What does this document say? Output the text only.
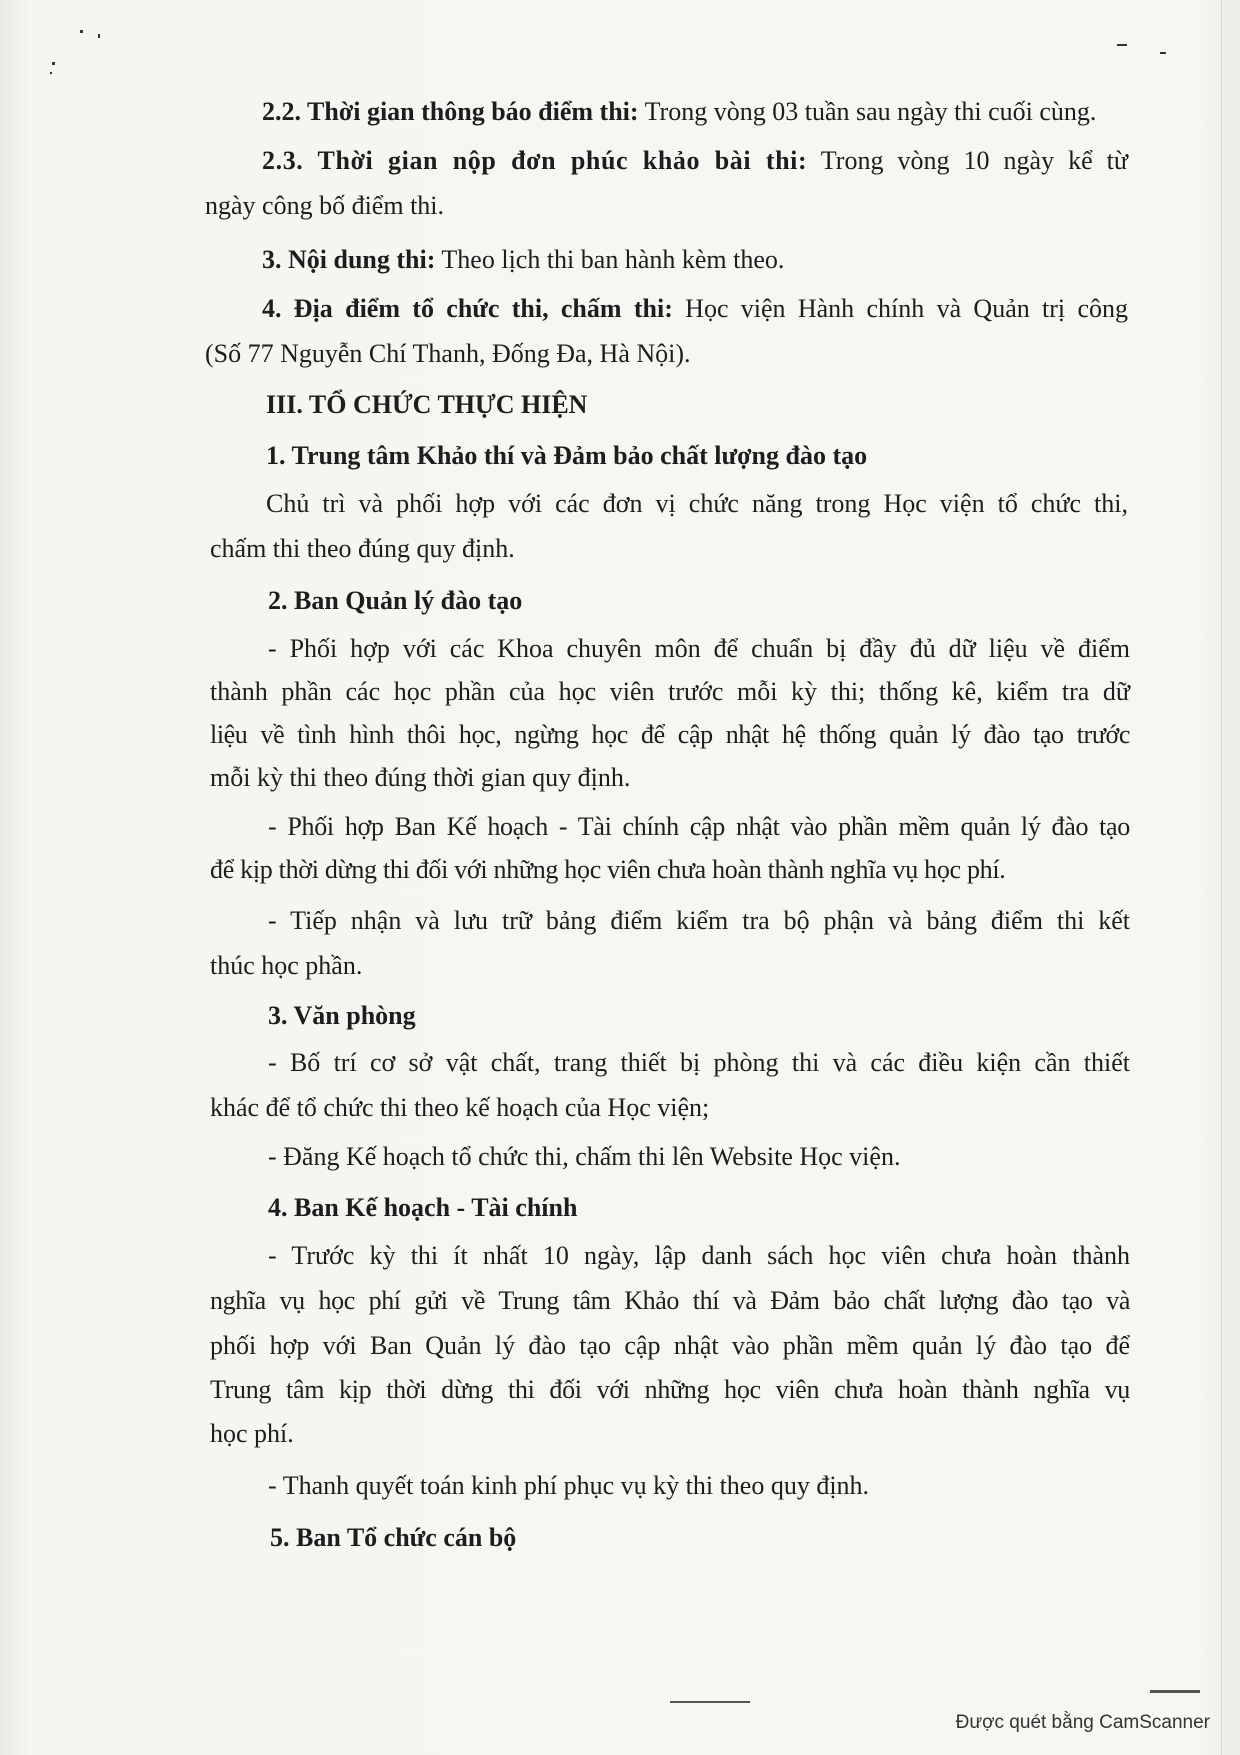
2.2. Thời gian thông báo điểm thi: Trong vòng 03 tuần sau ngày thi cuối cùng.
2.3. Thời gian nộp đơn phúc khảo bài thi: Trong vòng 10 ngày kể từ
ngày công bố điểm thi.
3. Nội dung thi: Theo lịch thi ban hành kèm theo.
4. Địa điểm tổ chức thi, chấm thi: Học viện Hành chính và Quản trị công
(Số 77 Nguyễn Chí Thanh, Đống Đa, Hà Nội).
III. TỔ CHỨC THỰC HIỆN
1. Trung tâm Khảo thí và Đảm bảo chất lượng đào tạo
Chủ trì và phối hợp với các đơn vị chức năng trong Học viện tổ chức thi,
chấm thi theo đúng quy định.
2. Ban Quản lý đào tạo
- Phối hợp với các Khoa chuyên môn để chuẩn bị đầy đủ dữ liệu về điểm
thành phần các học phần của học viên trước mỗi kỳ thi; thống kê, kiểm tra dữ
liệu về tình hình thôi học, ngừng học để cập nhật hệ thống quản lý đào tạo trước
mỗi kỳ thi theo đúng thời gian quy định.
- Phối hợp Ban Kế hoạch - Tài chính cập nhật vào phần mềm quản lý đào tạo
để kịp thời dừng thi đối với những học viên chưa hoàn thành nghĩa vụ học phí.
- Tiếp nhận và lưu trữ bảng điểm kiểm tra bộ phận và bảng điểm thi kết
thúc học phần.
3. Văn phòng
- Bố trí cơ sở vật chất, trang thiết bị phòng thi và các điều kiện cần thiết
khác để tổ chức thi theo kế hoạch của Học viện;
- Đăng Kế hoạch tổ chức thi, chấm thi lên Website Học viện.
4. Ban Kế hoạch - Tài chính
- Trước kỳ thi ít nhất 10 ngày, lập danh sách học viên chưa hoàn thành
nghĩa vụ học phí gửi về Trung tâm Khảo thí và Đảm bảo chất lượng đào tạo và
phối hợp với Ban Quản lý đào tạo cập nhật vào phần mềm quản lý đào tạo để
Trung tâm kịp thời dừng thi đối với những học viên chưa hoàn thành nghĩa vụ
học phí.
- Thanh quyết toán kinh phí phục vụ kỳ thi theo quy định.
5. Ban Tổ chức cán bộ
Được quét bằng CamScanner
